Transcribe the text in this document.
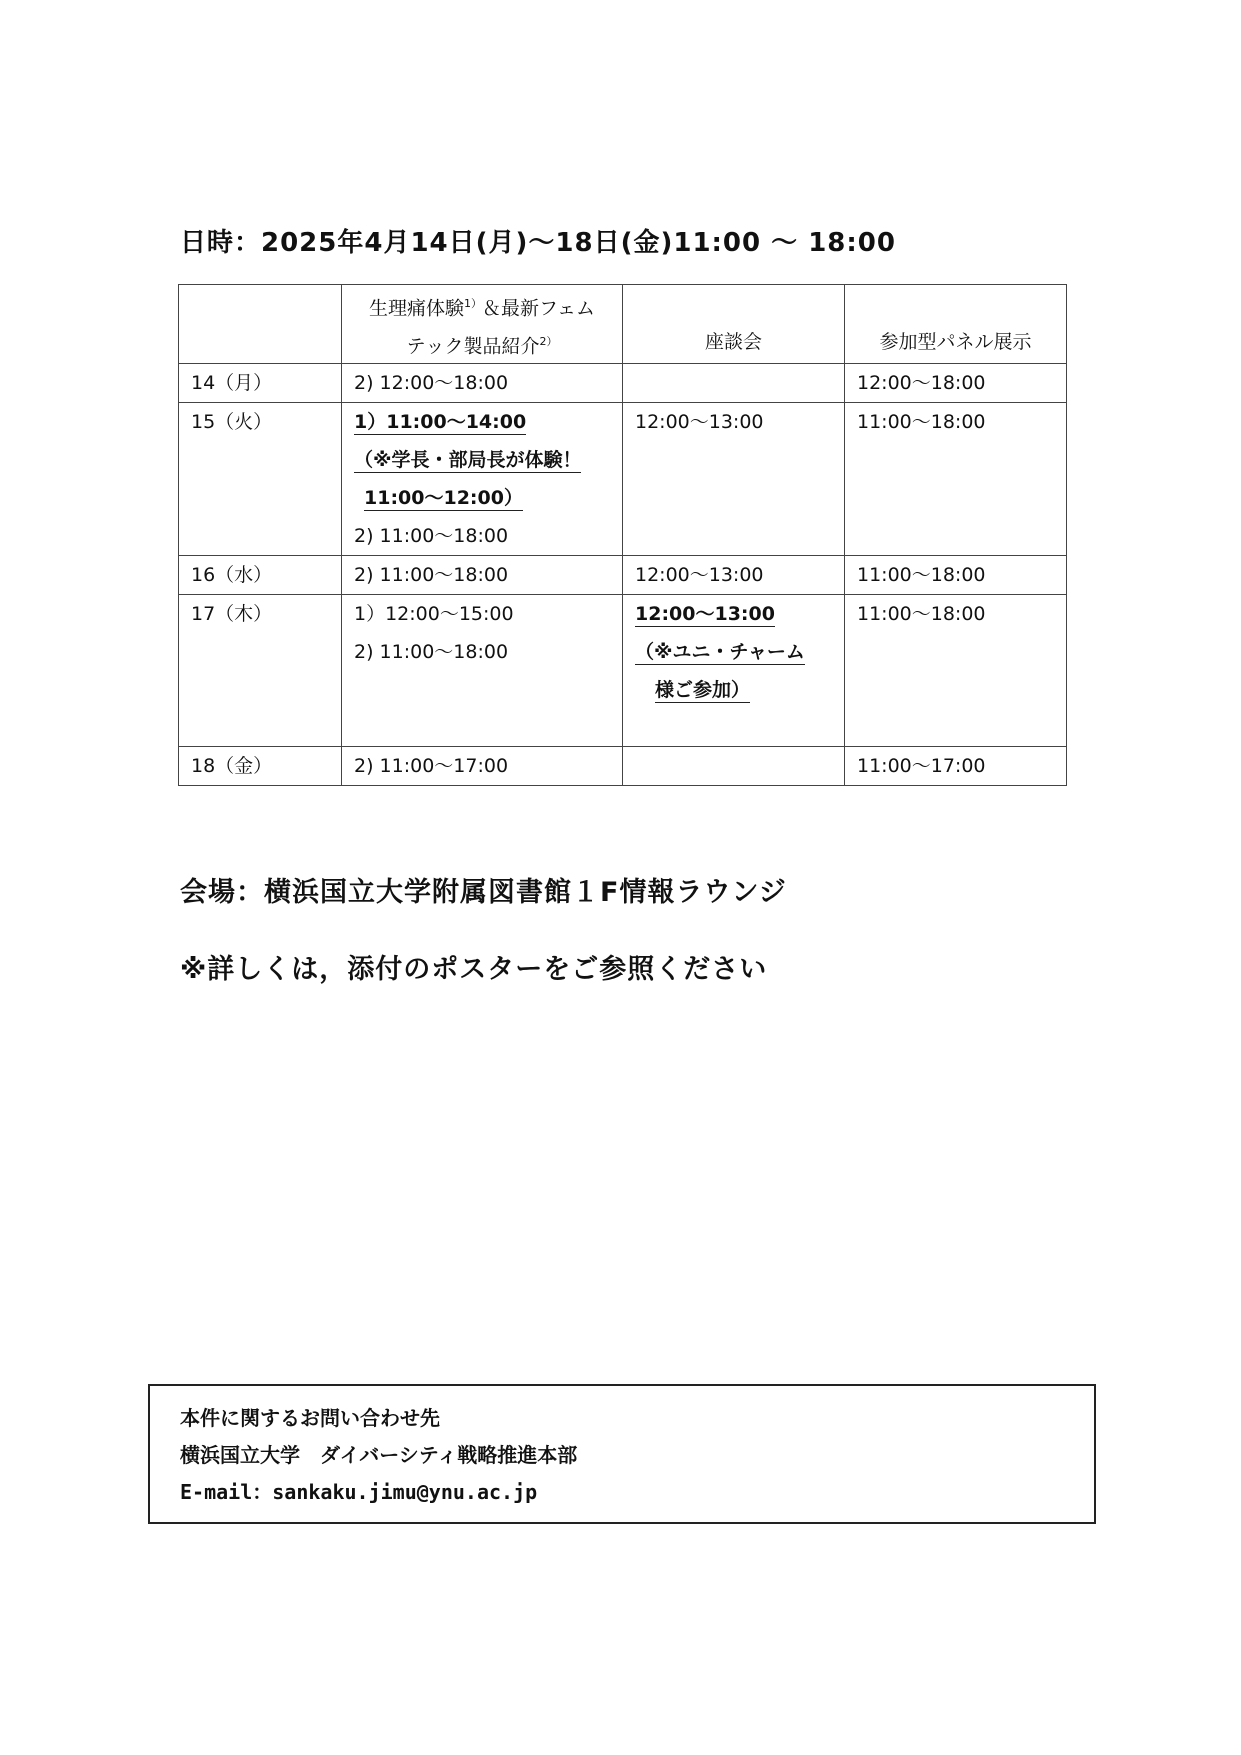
日時：2025年4月14日(月)～18日(金)11:00 ～ 18:00

	生理痛体験$^{1)}$＆最新フェム
テック製品紹介$^{2)}$	座談会	参加型パネル展示

14（月）	2) 12:00～18:00		12:00～18:00

15（火）	1）11:00～14:00
（※学長・部局長が体験！
11:00～12:00）
2) 11:00～18:00	12:00～13:00	11:00～18:00

16（水）	2) 11:00～18:00	12:00～13:00	11:00～18:00

17（木）	1）12:00～15:00
2) 11:00～18:00	12:00～13:00
（※ユニ・チャーム
様ご参加）	11:00～18:00

18（金）	2) 11:00～17:00		11:00～17:00
会場：横浜国立大学附属図書館１F情報ラウンジ
※詳しくは，添付のポスターをご参照ください
本件に関するお問い合わせ先
横浜国立大学　ダイバーシティ戦略推進本部
E-mail：sankaku.jimu@ynu.ac.jp
